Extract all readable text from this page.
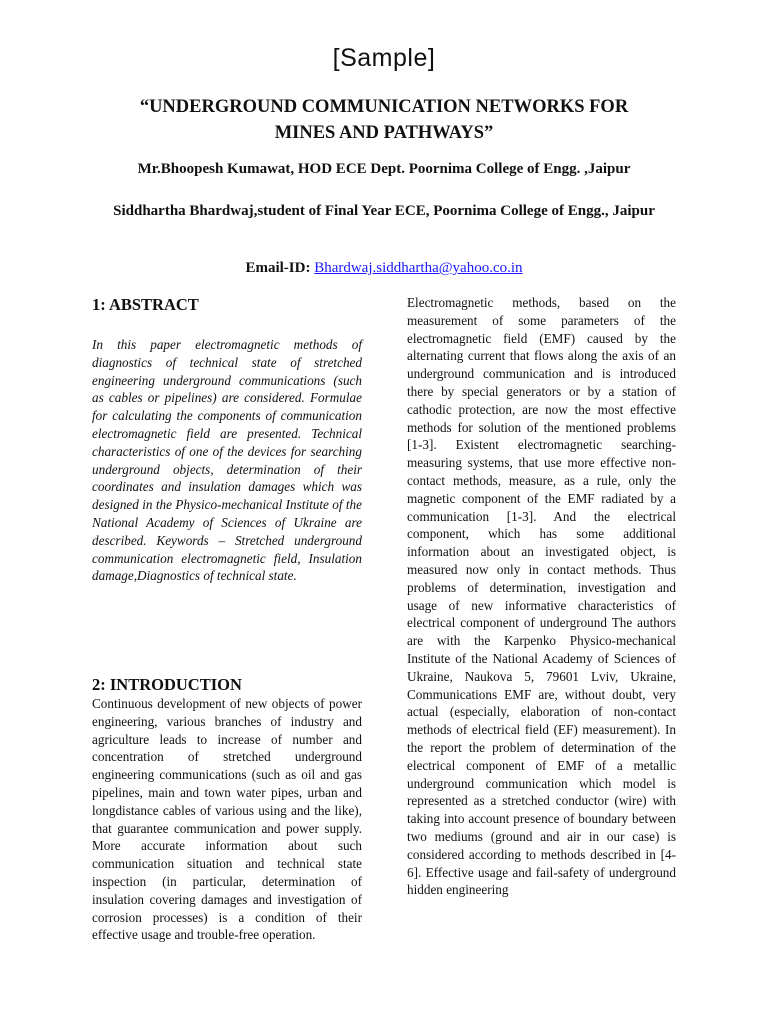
[Sample]
“UNDERGROUND COMMUNICATION NETWORKS FOR
MINES AND PATHWAYS”
Mr.Bhoopesh Kumawat, HOD ECE Dept. Poornima College of Engg. ,Jaipur
Siddhartha Bhardwaj,student of Final Year ECE, Poornima College of Engg., Jaipur
Email-ID: Bhardwaj.siddhartha@yahoo.co.in
1: ABSTRACT

In this paper electromagnetic methods of diagnostics of technical state of stretched engineering underground communications (such as cables or pipelines) are considered. Formulae for calculating the components of communication electromagnetic field are presented. Technical characteristics of one of the devices for searching underground objects, determination of their coordinates and insulation damages which was designed in the Physico-mechanical Institute of the National Academy of Sciences of Ukraine are described. Keywords – Stretched underground communication electromagnetic field, Insulation damage,Diagnostics of technical state.

2: INTRODUCTION

Continuous development of new objects of power engineering, various branches of industry and agriculture leads to increase of number and concentration of stretched underground engineering communications (such as oil and gas pipelines, main and town water pipes, urban and longdistance cables of various using and the like), that guarantee communication and power supply. More accurate information about such communication situation and technical state inspection (in particular, determination of insulation covering damages and investigation of corrosion processes) is a condition of their effective usage and trouble-free operation.

Electromagnetic methods, based on the measurement of some parameters of the electromagnetic field (EMF) caused by the alternating current that flows along the axis of an underground communication and is introduced there by special generators or by a station of cathodic protection, are now the most effective methods for solution of the mentioned problems [1-3]. Existent electromagnetic searching-measuring systems, that use more effective non-contact methods, measure, as a rule, only the magnetic component of the EMF radiated by a communication [1-3]. And the electrical component, which has some additional information about an investigated object, is measured now only in contact methods. Thus problems of determination, investigation and usage of new informative characteristics of electrical component of underground The authors are with the Karpenko Physico-mechanical Institute of the National Academy of Sciences of Ukraine, Naukova 5, 79601 Lviv, Ukraine, Communications EMF are, without doubt, very actual (especially, elaboration of non-contact methods of electrical field (EF) measurement). In the report the problem of determination of the electrical component of EMF of a metallic underground communication which model is represented as a stretched conductor (wire) with taking into account presence of boundary between two mediums (ground and air in our case) is considered according to methods described in [4-6]. Effective usage and fail-safety of underground hidden engineering
